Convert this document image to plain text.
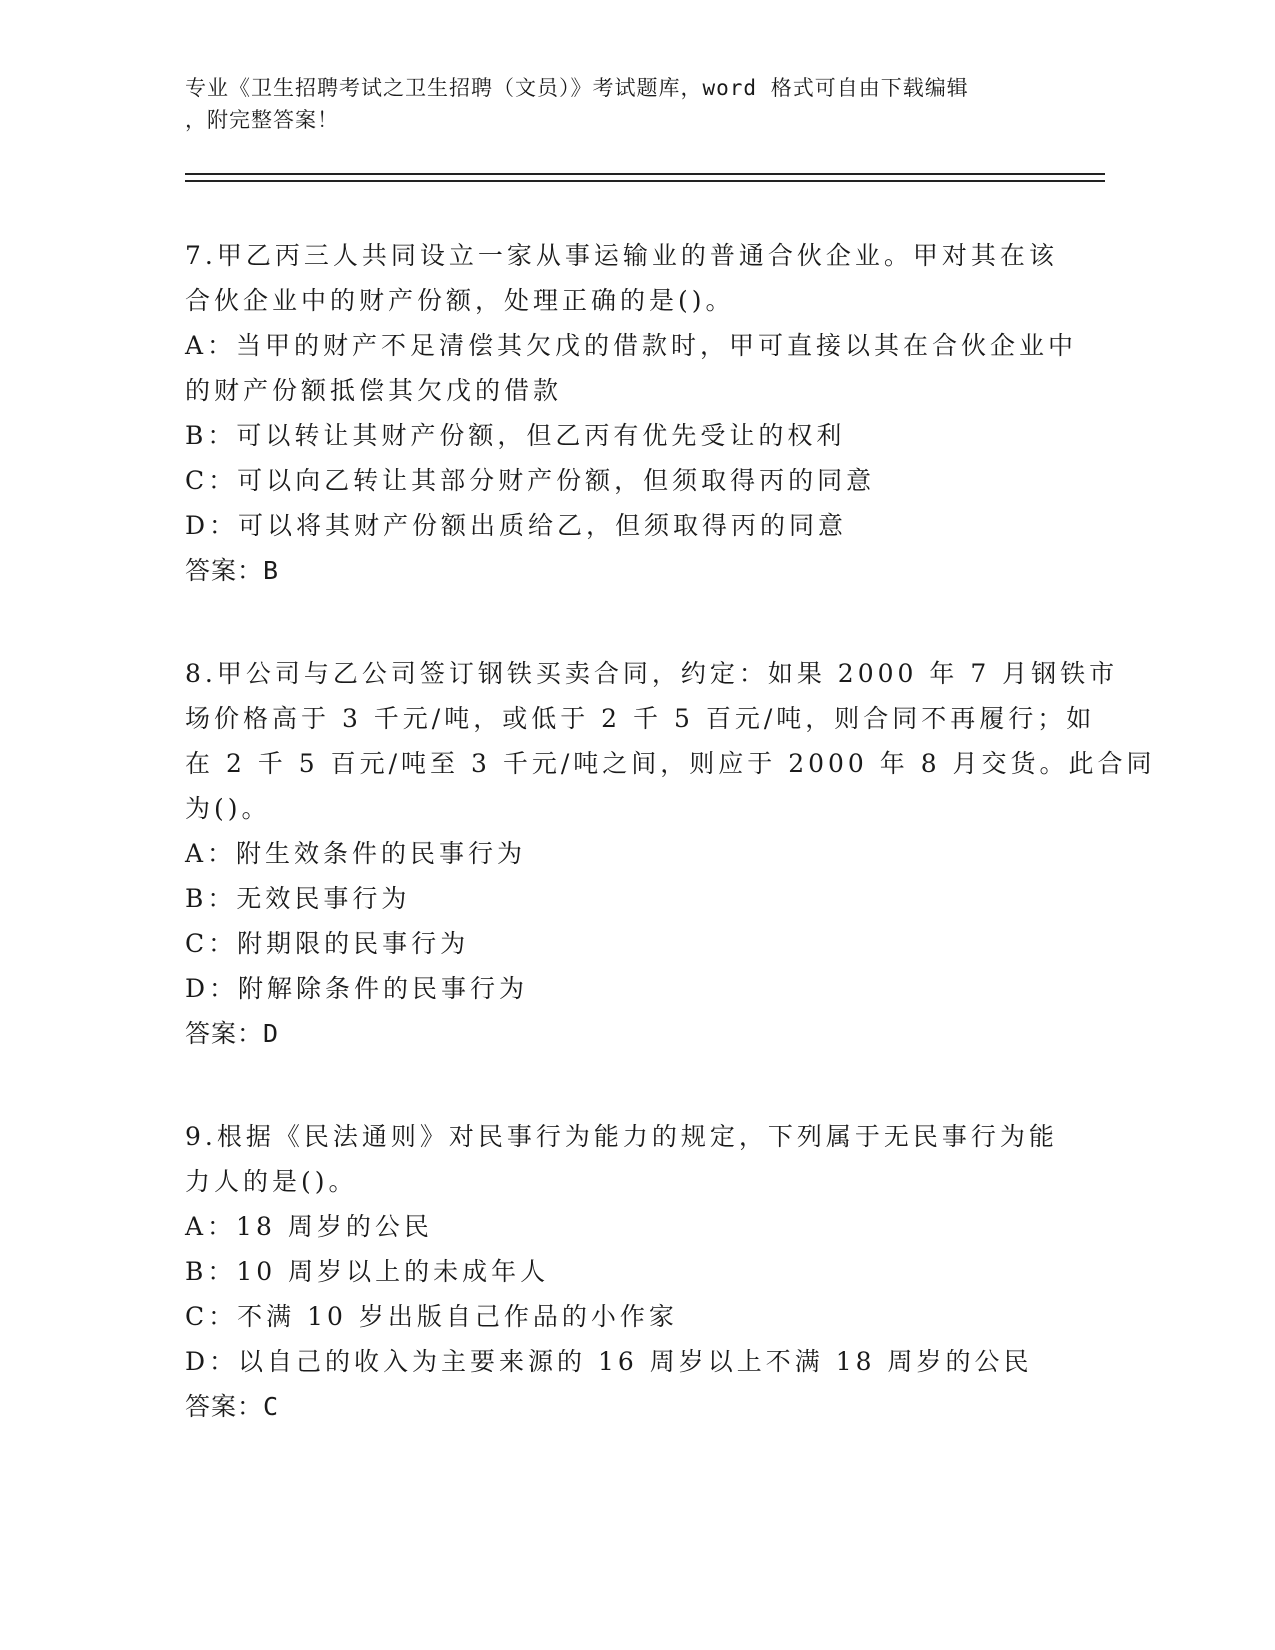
专业《卫生招聘考试之卫生招聘（文员）》考试题库，word 格式可自由下载编辑
，附完整答案！
7.甲乙丙三人共同设立一家从事运输业的普通合伙企业。甲对其在该
合伙企业中的财产份额，处理正确的是()。
A：当甲的财产不足清偿其欠戊的借款时，甲可直接以其在合伙企业中
的财产份额抵偿其欠戊的借款
B：可以转让其财产份额，但乙丙有优先受让的权利
C：可以向乙转让其部分财产份额，但须取得丙的同意
D：可以将其财产份额出质给乙，但须取得丙的同意
答案：B
8.甲公司与乙公司签订钢铁买卖合同，约定：如果 2000 年 7 月钢铁市
场价格高于 3 千元/吨，或低于 2 千 5 百元/吨，则合同不再履行；如
在 2 千 5 百元/吨至 3 千元/吨之间，则应于 2000 年 8 月交货。此合同
为()。
A：附生效条件的民事行为
B：无效民事行为
C：附期限的民事行为
D：附解除条件的民事行为
答案：D
9.根据《民法通则》对民事行为能力的规定，下列属于无民事行为能
力人的是()。
A：18 周岁的公民
B：10 周岁以上的未成年人
C：不满 10 岁出版自己作品的小作家
D：以自己的收入为主要来源的 16 周岁以上不满 18 周岁的公民
答案：C
